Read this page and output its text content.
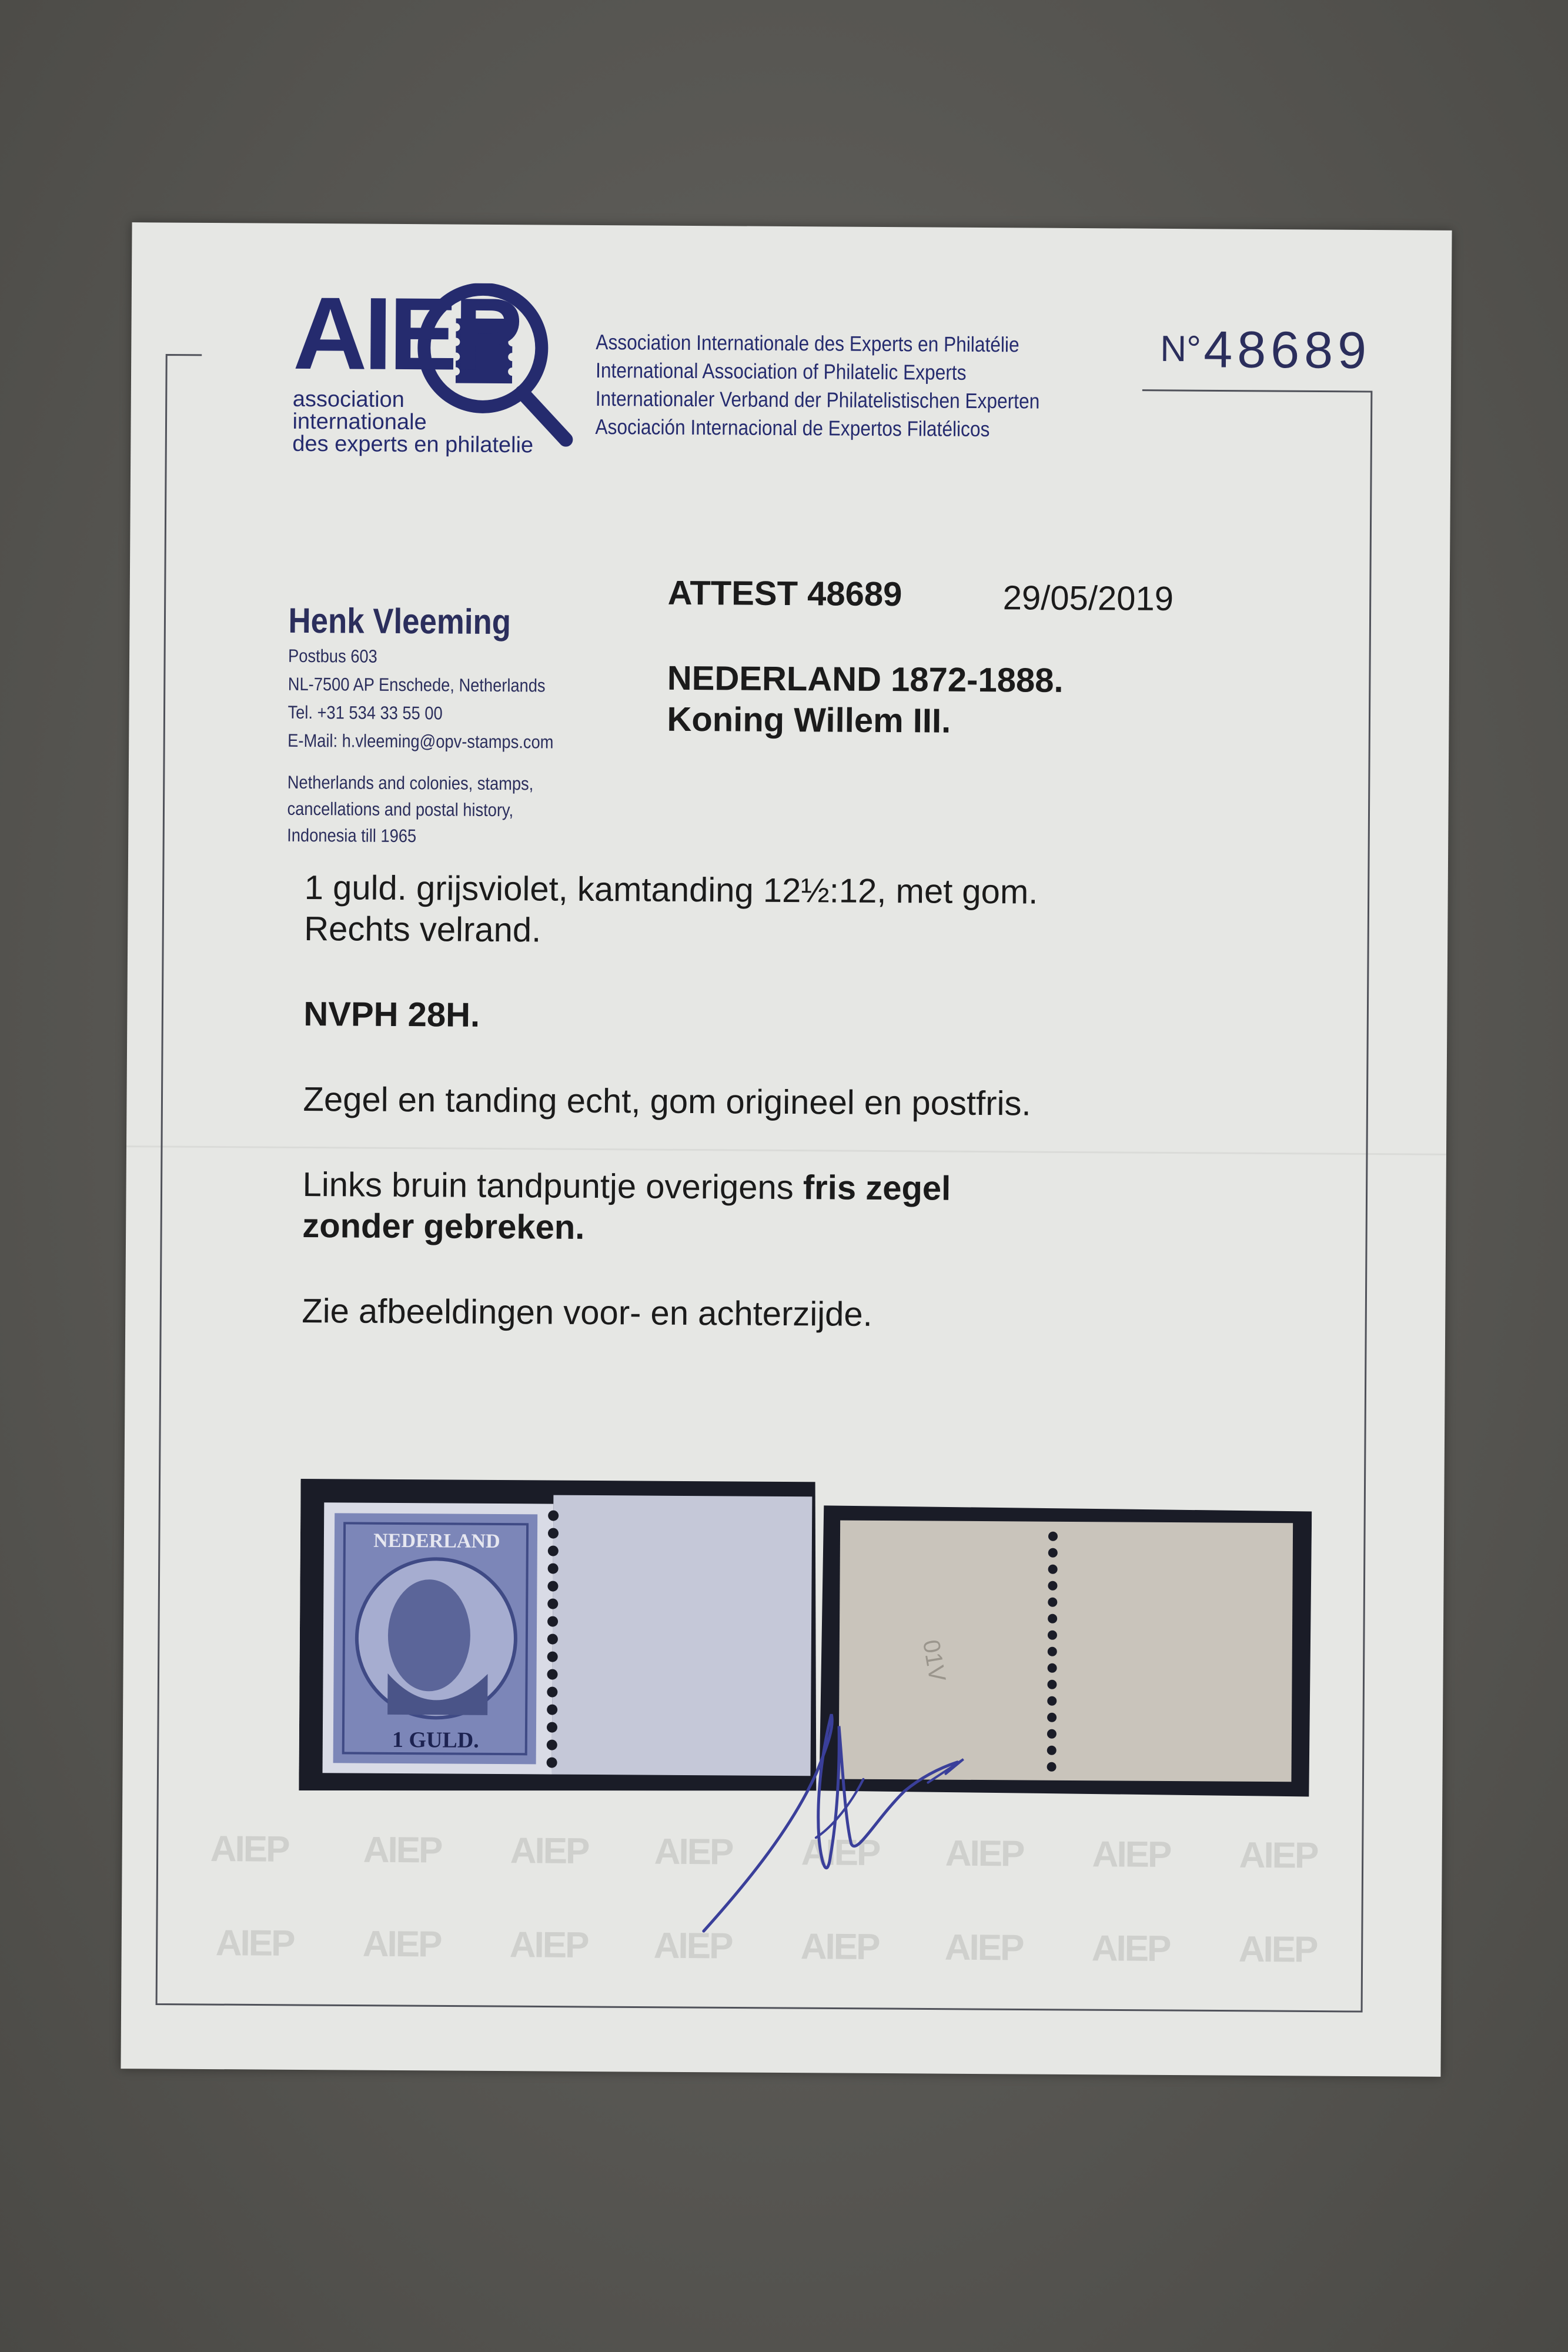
AIEP AIEP AIEP AIEP AIEP AIEP AIEP AIEP
AIEP AIEP AIEP AIEP AIEP AIEP AIEP AIEP
AIEP
association
internationale
des experts en philatelie
Association Internationale des Experts en Philatélie
International Association of Philatelic Experts
Internationaler Verband der Philatelistischen Experten
Asociación Internacional de Expertos Filatélicos
N° 48689
Henk Vleeming
Postbus 603
NL-7500 AP Enschede, Netherlands
Tel. +31 534 33 55 00
E-Mail: h.vleeming@opv-stamps.com
Netherlands and colonies, stamps,
cancellations and postal history,
Indonesia till 1965
ATTEST 48689	29/05/2019
NEDERLAND 1872-1888.
Koning Willem III.
1 guld. grijsviolet, kamtanding 12½:12, met gom.
Rechts velrand.
NVPH 28H.
Zegel en tanding echt, gom origineel en postfris.
Links bruin tandpuntje overigens fris zegel
zonder gebreken.
Zie afbeeldingen voor- en achterzijde.
NEDERLAND
1 GULD.
01V
